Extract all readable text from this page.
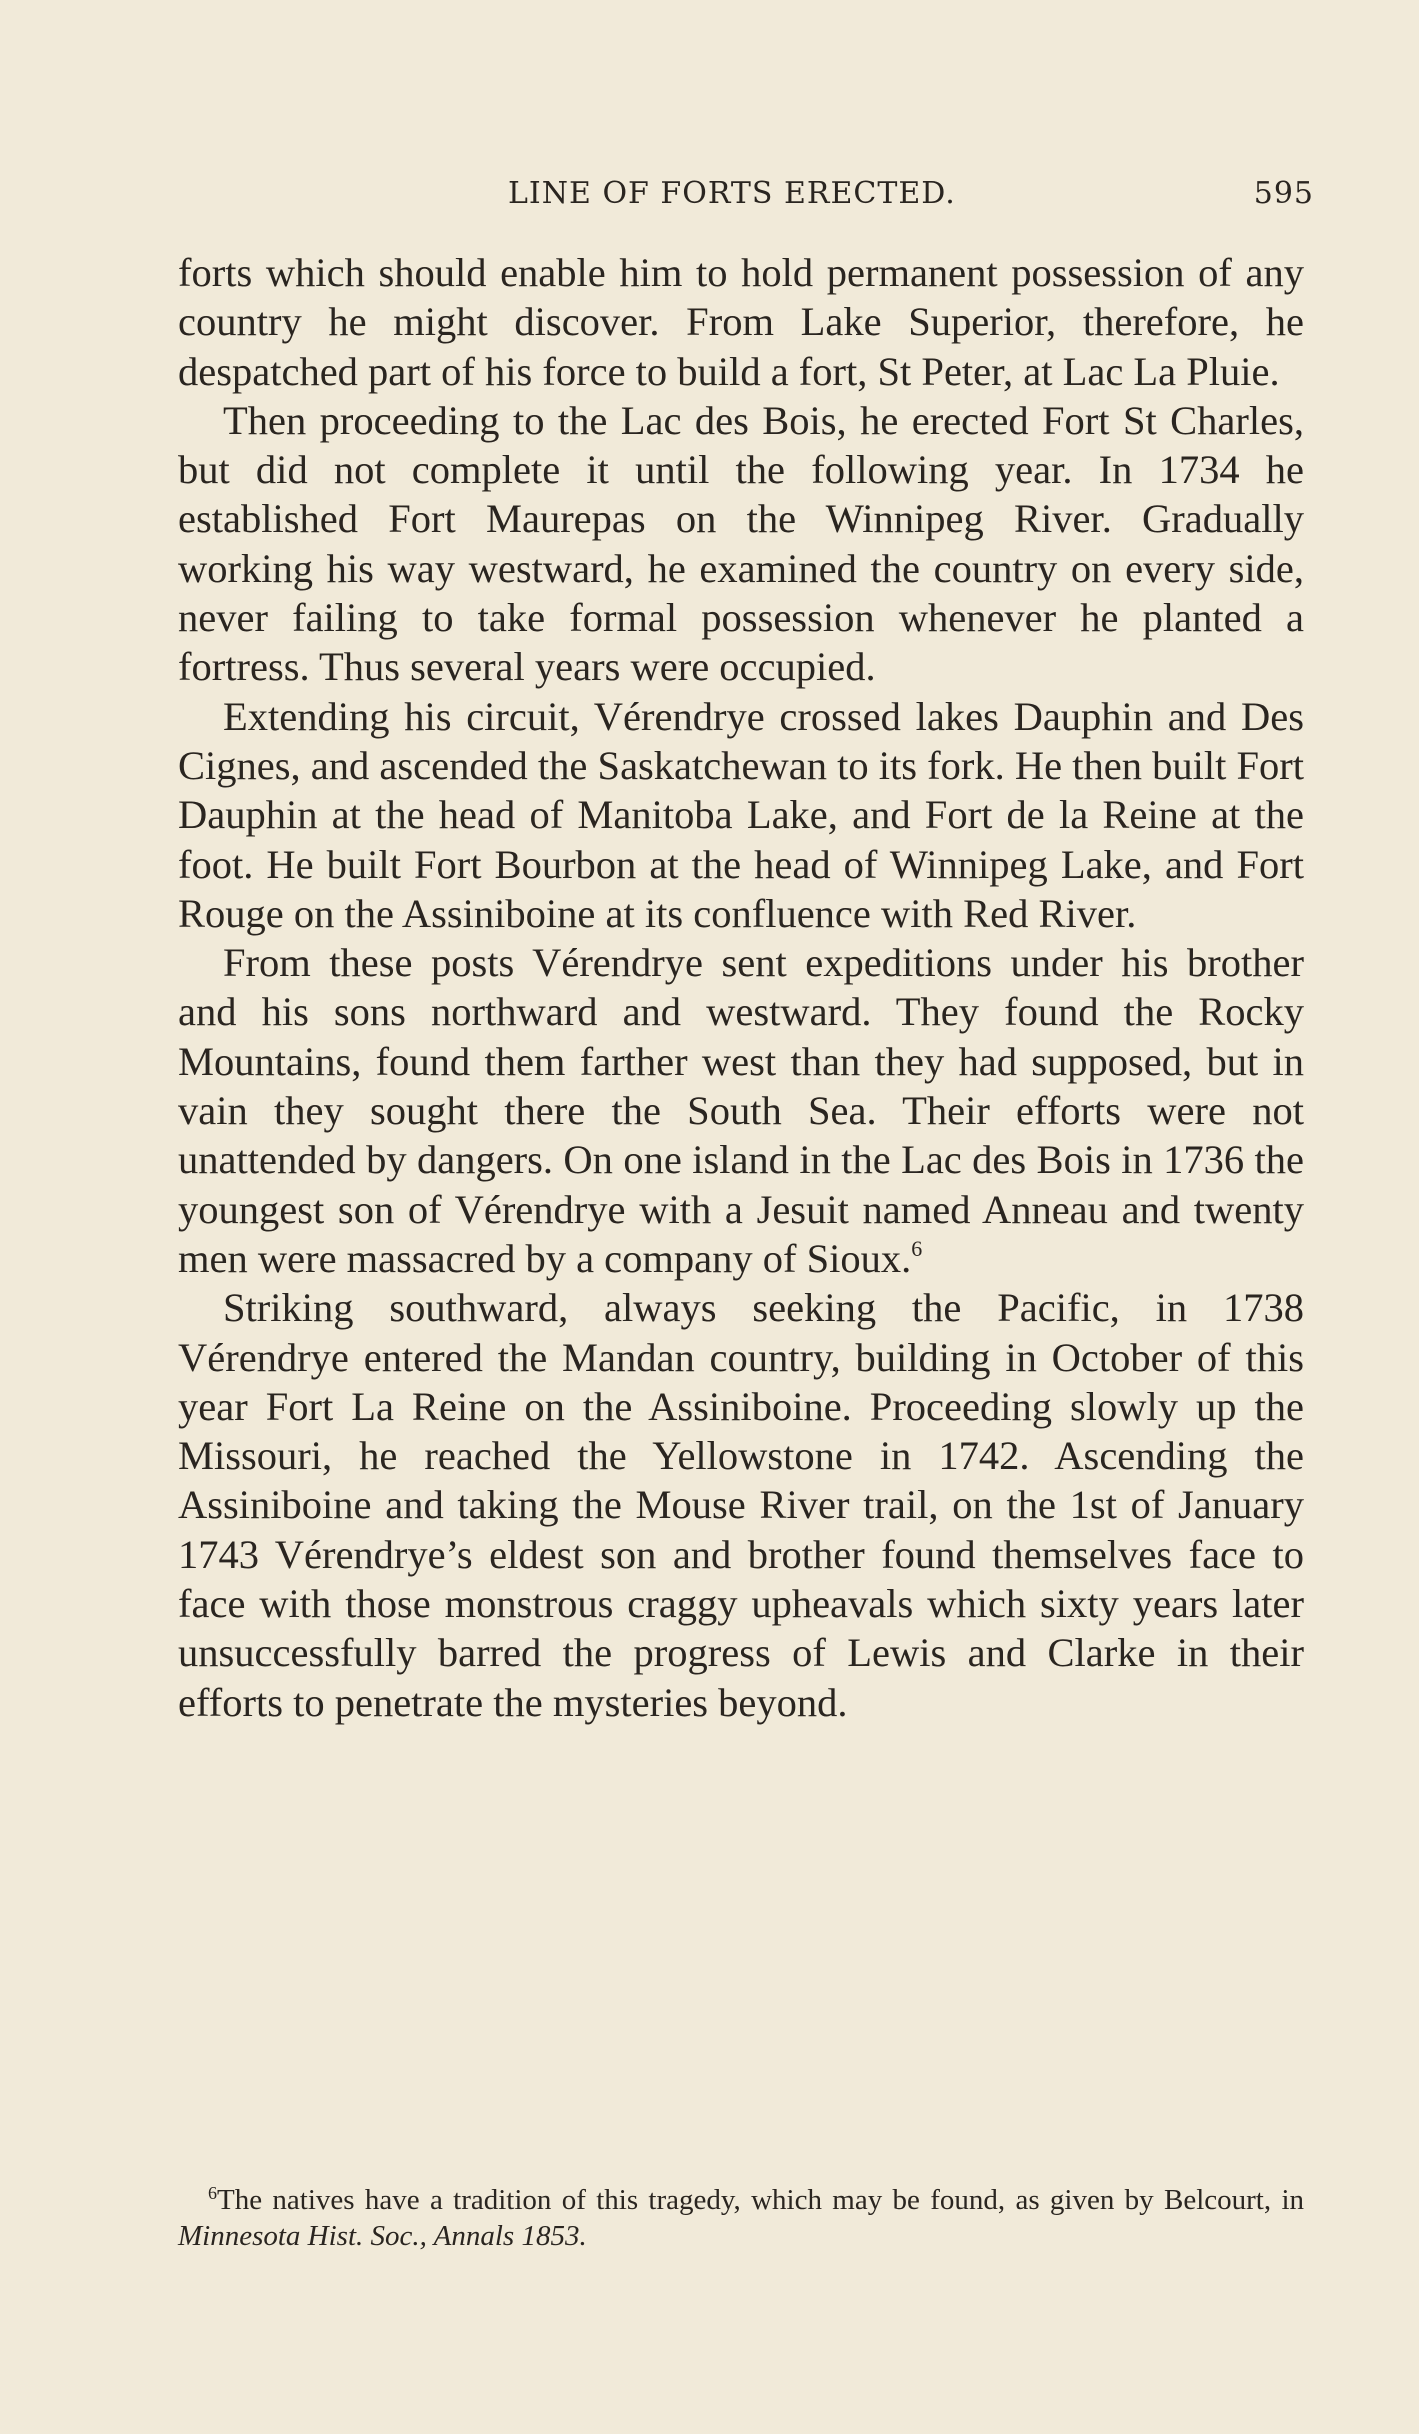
LINE OF FORTS ERECTED.	595

forts which should enable him to hold permanent possession of any country he might discover. From Lake Superior, therefore, he despatched part of his force to build a fort, St Peter, at Lac La Pluie.

Then proceeding to the Lac des Bois, he erected Fort St Charles, but did not complete it until the following year. In 1734 he established Fort Maurepas on the Winnipeg River. Gradually working his way westward, he examined the country on every side, never failing to take formal possession whenever he planted a fortress. Thus several years were occupied.

Extending his circuit, Vérendrye crossed lakes Dauphin and Des Cignes, and ascended the Saskatchewan to its fork. He then built Fort Dauphin at the head of Manitoba Lake, and Fort de la Reine at the foot. He built Fort Bourbon at the head of Winnipeg Lake, and Fort Rouge on the Assiniboine at its confluence with Red River.

From these posts Vérendrye sent expeditions under his brother and his sons northward and westward. They found the Rocky Mountains, found them farther west than they had supposed, but in vain they sought there the South Sea. Their efforts were not unattended by dangers. On one island in the Lac des Bois in 1736 the youngest son of Vérendrye with a Jesuit named Anneau and twenty men were massacred by a company of Sioux.$^6$

Striking southward, always seeking the Pacific, in 1738 Vérendrye entered the Mandan country, building in October of this year Fort La Reine on the Assiniboine. Proceeding slowly up the Missouri, he reached the Yellowstone in 1742. Ascending the Assiniboine and taking the Mouse River trail, on the 1st of January 1743 Vérendrye’s eldest son and brother found themselves face to face with those monstrous craggy upheavals which sixty years later unsuccessfully barred the progress of Lewis and Clarke in their efforts to penetrate the mysteries beyond.

$^6$The natives have a tradition of this tragedy, which may be found, as given by Belcourt, in Minnesota Hist. Soc., Annals 1853.
